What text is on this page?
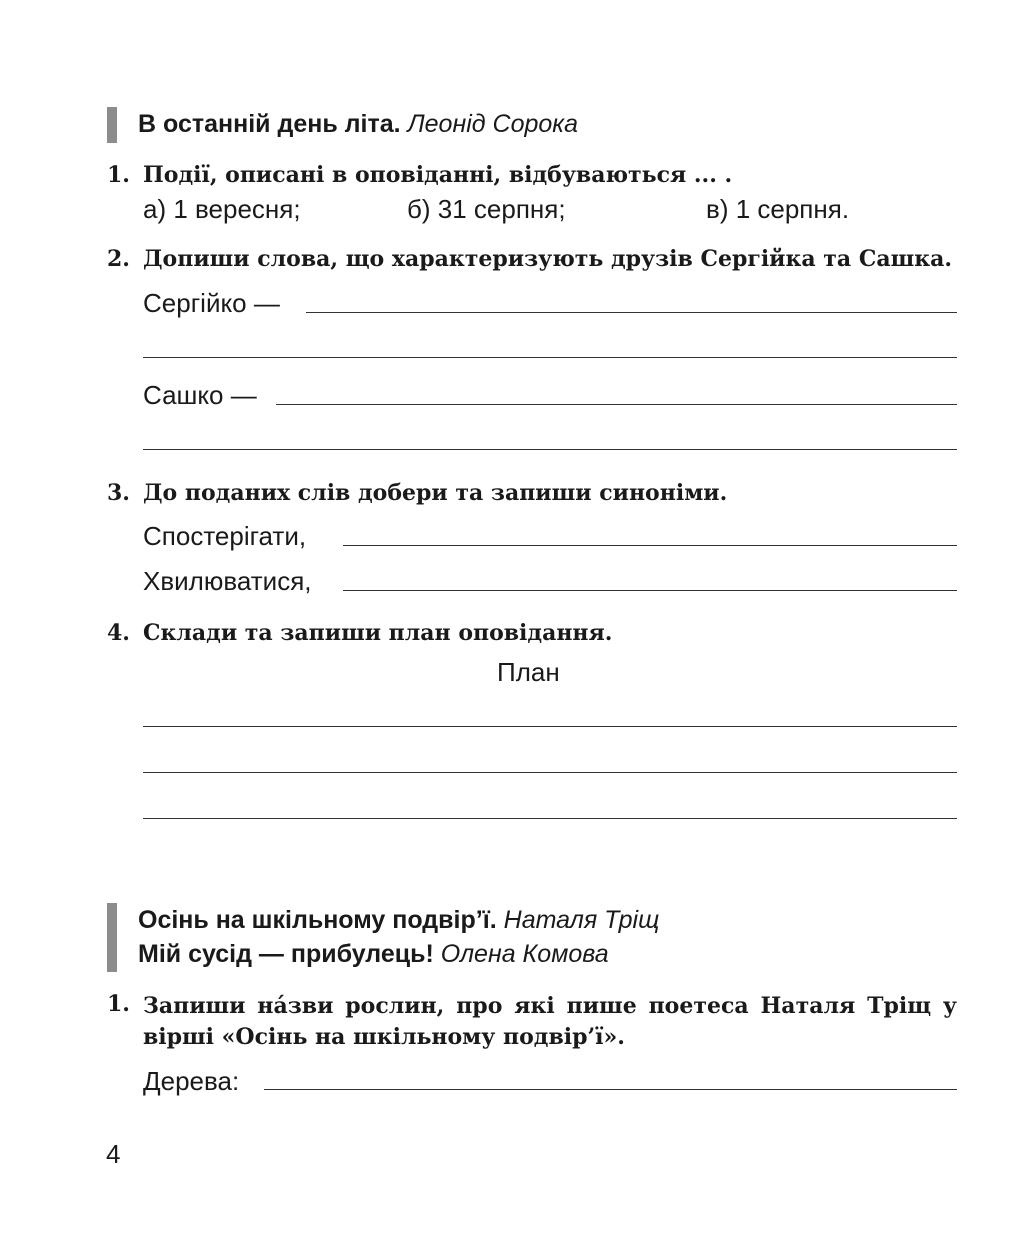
В останній день літа. Леонід Сорока
1. Події, описані в оповіданні, відбуваються ... .
а) 1 вересня;	б) 31 серпня;	в) 1 серпня.
2. Допиши слова, що характеризують друзів Сергійка та Сашка.
Сергійко —
Сашко —
3. До поданих слів добери та запиши синоніми.
Спостерігати,
Хвилюватися,
4. Склади та запиши план оповідання.
План
Осінь на шкільному подвір’ї. Наталя Тріщ
Мій сусід — прибулець! Олена Комова
1. Запиши на́зви рослин, про які пише поетеса Наталя Тріщ у вірші «Осінь на шкільному подвір’ї».
Дерева:
4
